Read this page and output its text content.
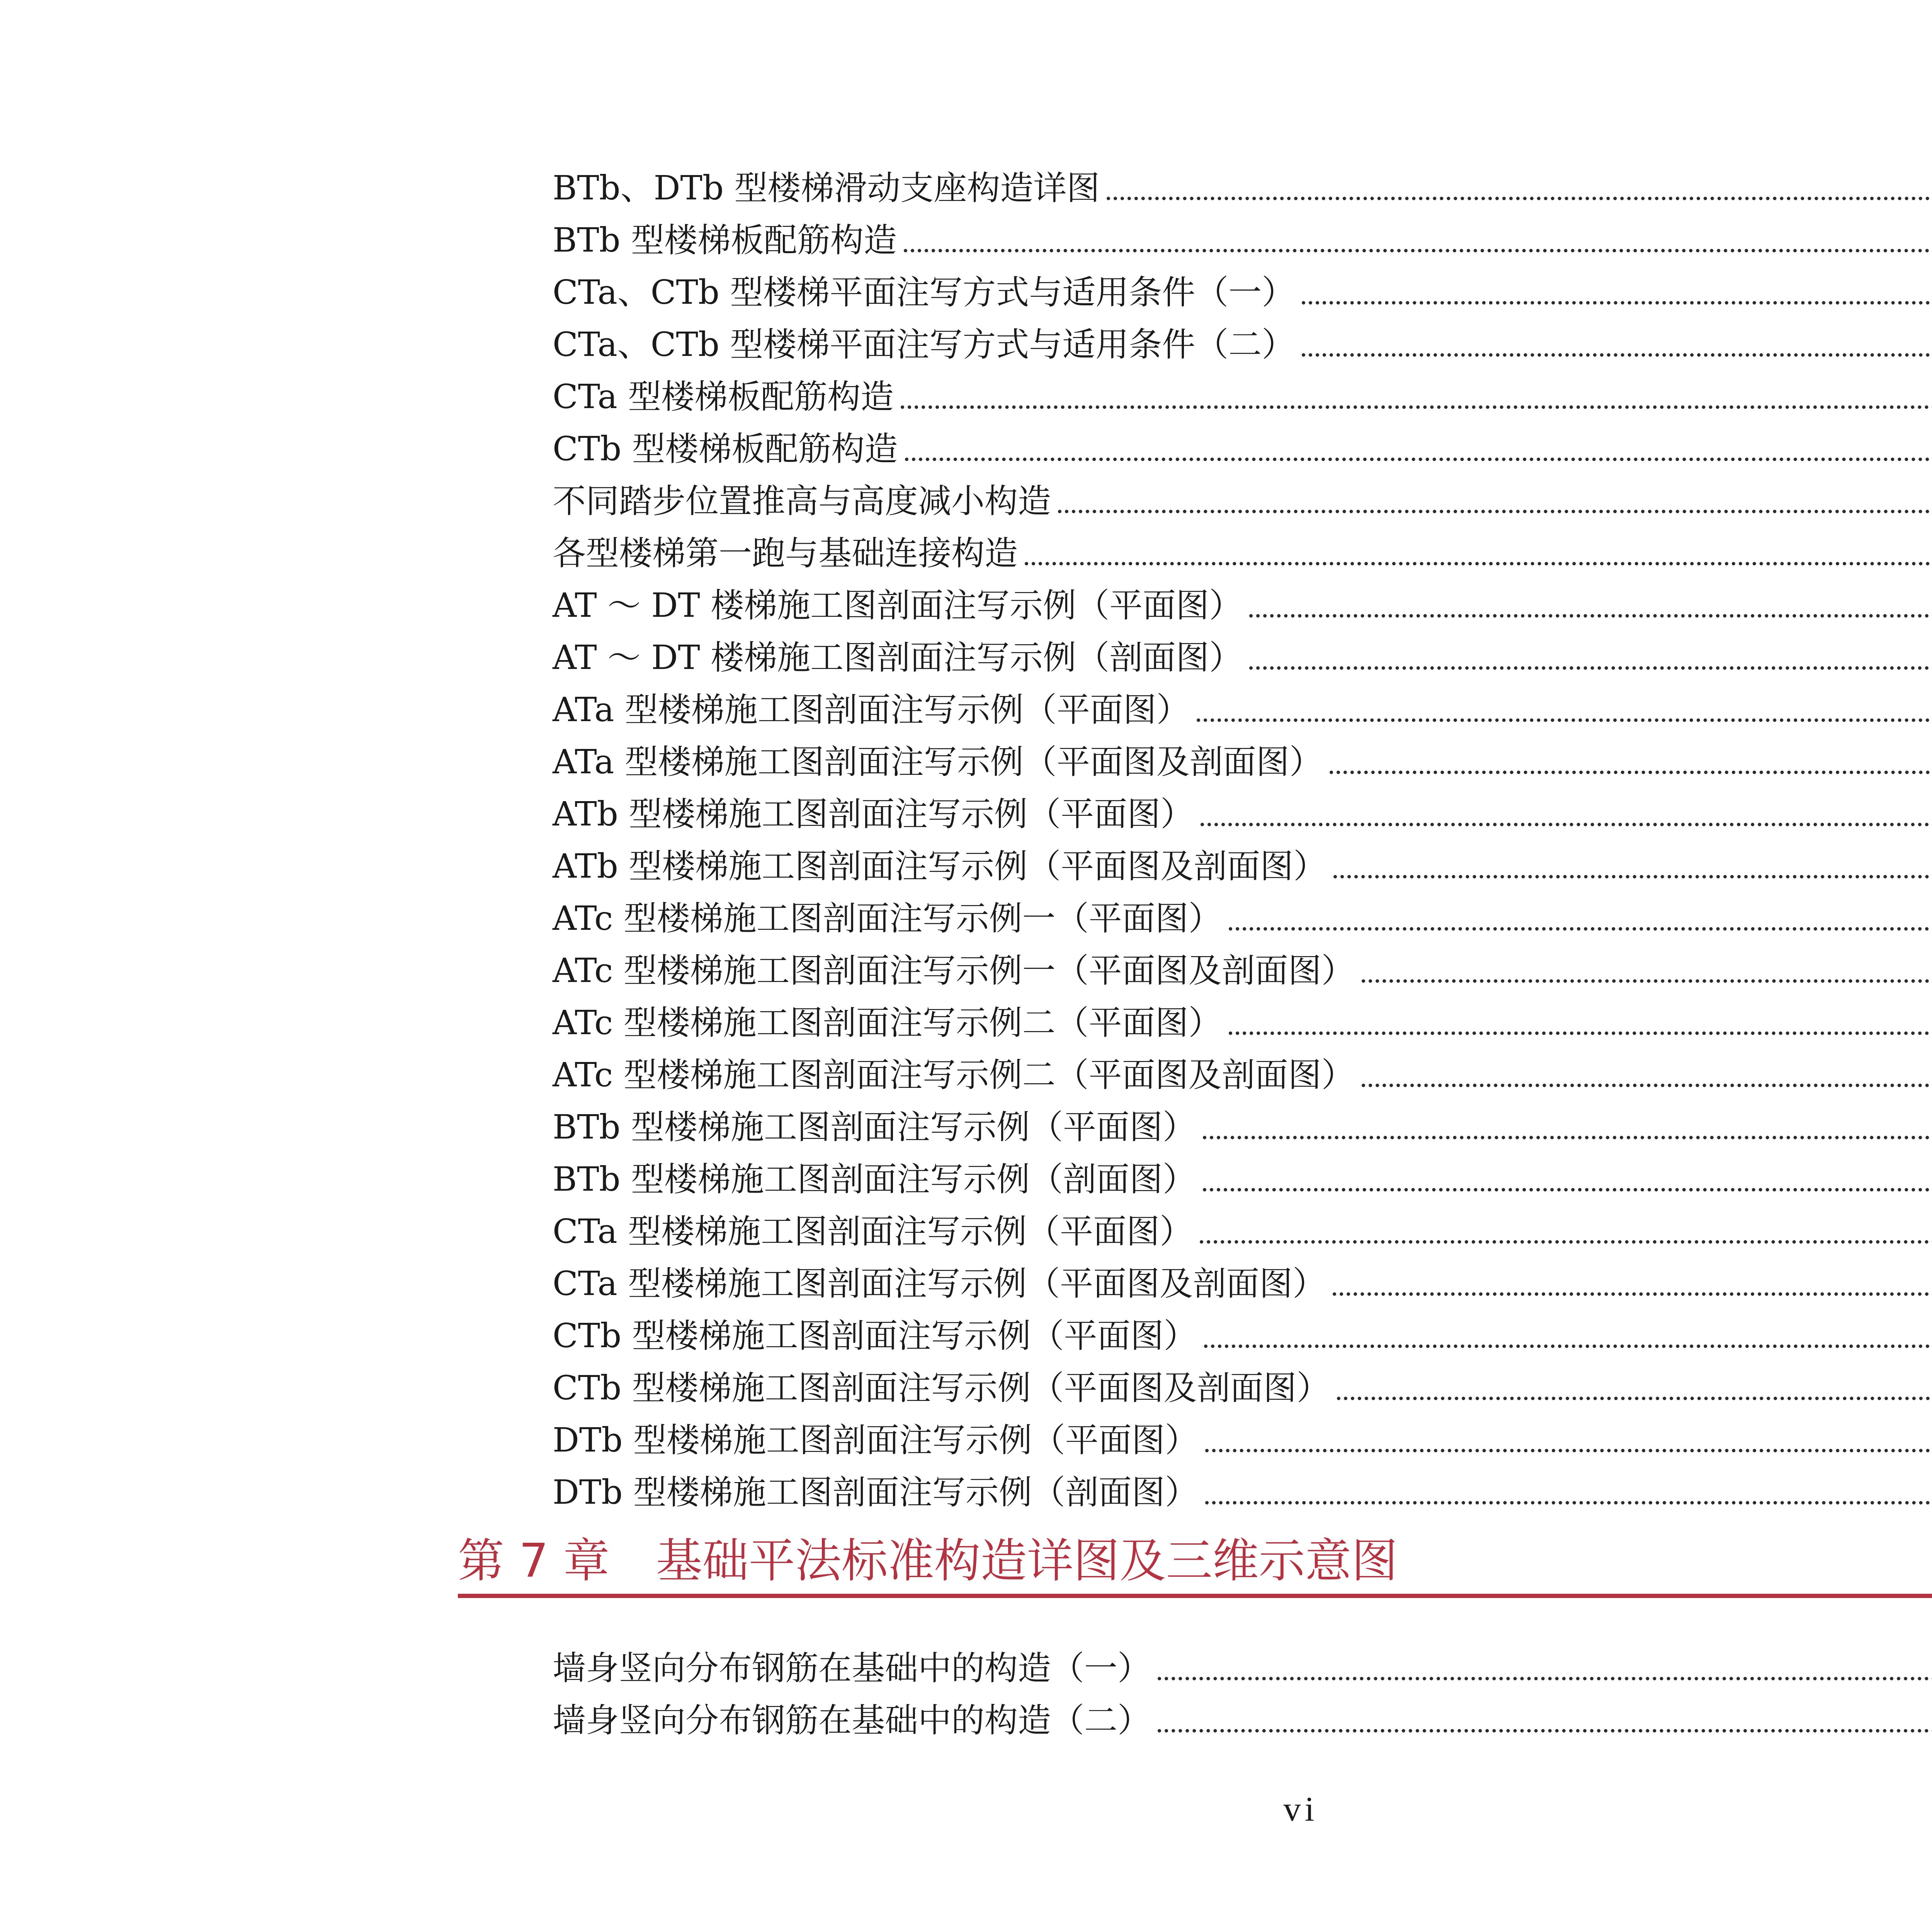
BTb、DTb 型楼梯滑动支座构造详图
BTb 型楼梯板配筋构造
CTa、CTb 型楼梯平面注写方式与适用条件（一）
CTa、CTb 型楼梯平面注写方式与适用条件（二）
CTa 型楼梯板配筋构造
CTb 型楼梯板配筋构造
不同踏步位置推高与高度减小构造
各型楼梯第一跑与基础连接构造
AT ～ DT 楼梯施工图剖面注写示例（平面图）
AT ～ DT 楼梯施工图剖面注写示例（剖面图）
ATa 型楼梯施工图剖面注写示例（平面图）
ATa 型楼梯施工图剖面注写示例（平面图及剖面图）
ATb 型楼梯施工图剖面注写示例（平面图）
ATb 型楼梯施工图剖面注写示例（平面图及剖面图）
ATc 型楼梯施工图剖面注写示例一（平面图）
ATc 型楼梯施工图剖面注写示例一（平面图及剖面图）
ATc 型楼梯施工图剖面注写示例二（平面图）
ATc 型楼梯施工图剖面注写示例二（平面图及剖面图）
BTb 型楼梯施工图剖面注写示例（平面图）
BTb 型楼梯施工图剖面注写示例（剖面图）
CTa 型楼梯施工图剖面注写示例（平面图）
CTa 型楼梯施工图剖面注写示例（平面图及剖面图）
CTb 型楼梯施工图剖面注写示例（平面图）
CTb 型楼梯施工图剖面注写示例（平面图及剖面图）
DTb 型楼梯施工图剖面注写示例（平面图）
DTb 型楼梯施工图剖面注写示例（剖面图）
第 7 章 基础平法标准构造详图及三维示意图
墙身竖向分布钢筋在基础中的构造（一）
墙身竖向分布钢筋在基础中的构造（二）
vi
